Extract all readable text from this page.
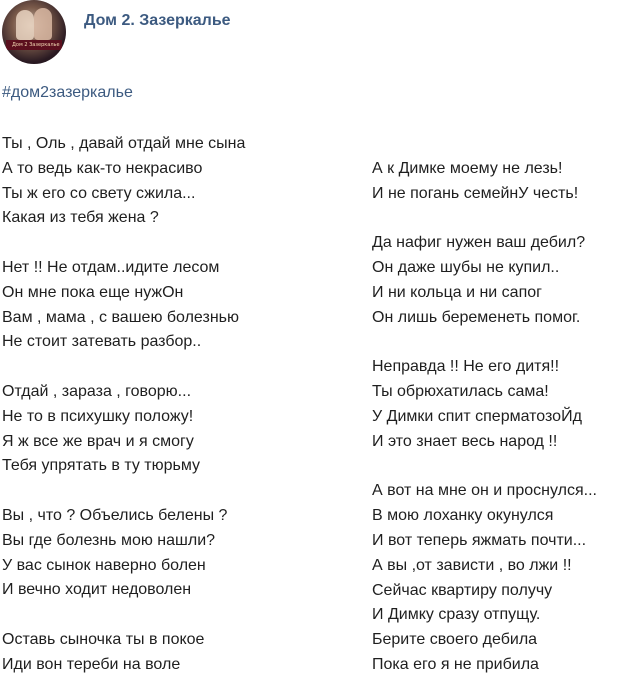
Дом 2 Зазеркалье
Дом 2. Зазеркалье
#дом2зазеркалье
Ты , Оль , давай отдай мне сына
А то ведь как-то некрасиво
Ты ж его со свету сжила...
Какая из тебя жена ?
Нет !! Не отдам..идите лесом
Он мне пока еще нужОн
Вам , мама , с вашею болезнью
Не стоит затевать разбор..
Отдай , зараза , говорю...
Не то в психушку положу!
Я ж все же врач и я смогу
Тебя упрятать в ту тюрьму
Вы , что ? Объелись белены ?
Вы где болезнь мою нашли?
У вас сынок наверно болен
И вечно ходит недоволен
Оставь сыночка ты в покое
Иди вон тереби на воле
А к Димке моему не лезь!
И не погань семейнУ честь!
Да нафиг нужен ваш дебил?
Он даже шубы не купил..
И ни кольца и ни сапог
Он лишь беременеть помог.
Неправда !! Не его дитя!!
Ты обрюхатилась сама!
У Димки спит сперматозоЙд
И это знает весь народ !!
А вот на мне он и проснулся...
В мою лоханку окунулся
И вот теперь яжмать почти...
А вы ,от зависти , во лжи !!
Сейчас квартиру получу
И Димку сразу отпущу.
Берите своего дебила
Пока его я не прибила
